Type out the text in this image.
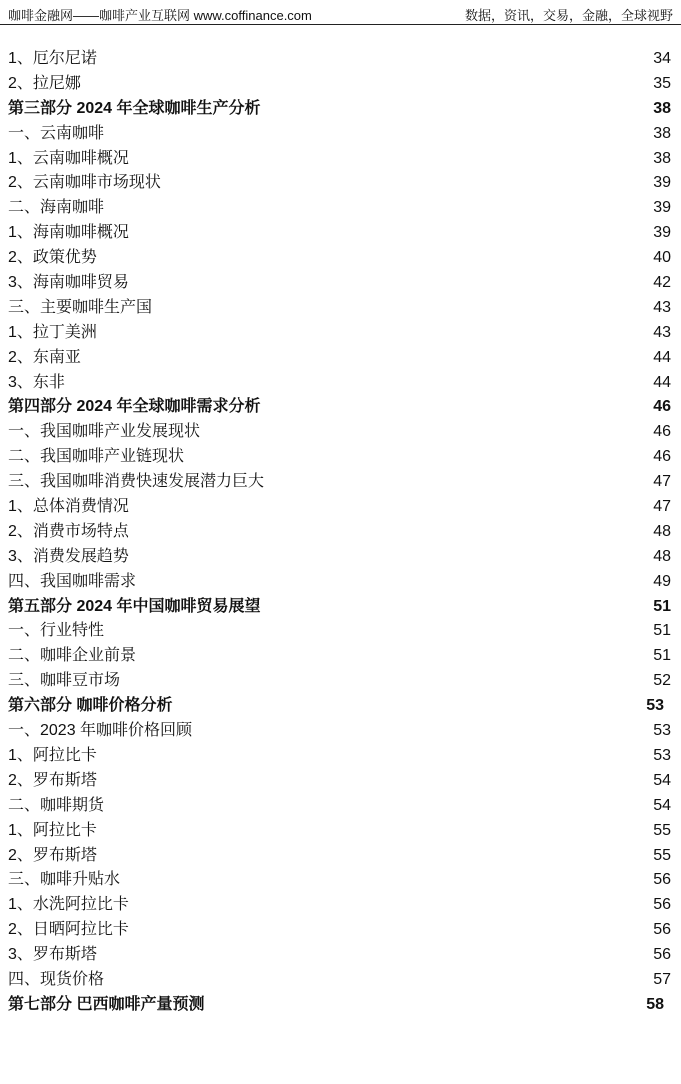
咖啡金融网——咖啡产业互联网 www.coffinance.com	数据，资讯，交易，金融，全球视野
1、厄尔尼诺	34
2、拉尼娜	35
第三部分 2024 年全球咖啡生产分析	38
一、云南咖啡	38
1、云南咖啡概况	38
2、云南咖啡市场现状	39
二、海南咖啡	39
1、海南咖啡概况	39
2、政策优势	40
3、海南咖啡贸易	42
三、主要咖啡生产国	43
1、拉丁美洲	43
2、东南亚	44
3、东非	44
第四部分 2024 年全球咖啡需求分析	46
一、我国咖啡产业发展现状	46
二、我国咖啡产业链现状	46
三、我国咖啡消费快速发展潜力巨大	47
1、总体消费情况	47
2、消费市场特点	48
3、消费发展趋势	48
四、我国咖啡需求	49
第五部分 2024 年中国咖啡贸易展望	51
一、行业特性	51
二、咖啡企业前景	51
三、咖啡豆市场	52
第六部分 咖啡价格分析	53
一、2023 年咖啡价格回顾	53
1、阿拉比卡	53
2、罗布斯塔	54
二、咖啡期货	54
1、阿拉比卡	55
2、罗布斯塔	55
三、咖啡升贴水	56
1、水洗阿拉比卡	56
2、日晒阿拉比卡	56
3、罗布斯塔	56
四、现货价格	57
第七部分 巴西咖啡产量预测	58
